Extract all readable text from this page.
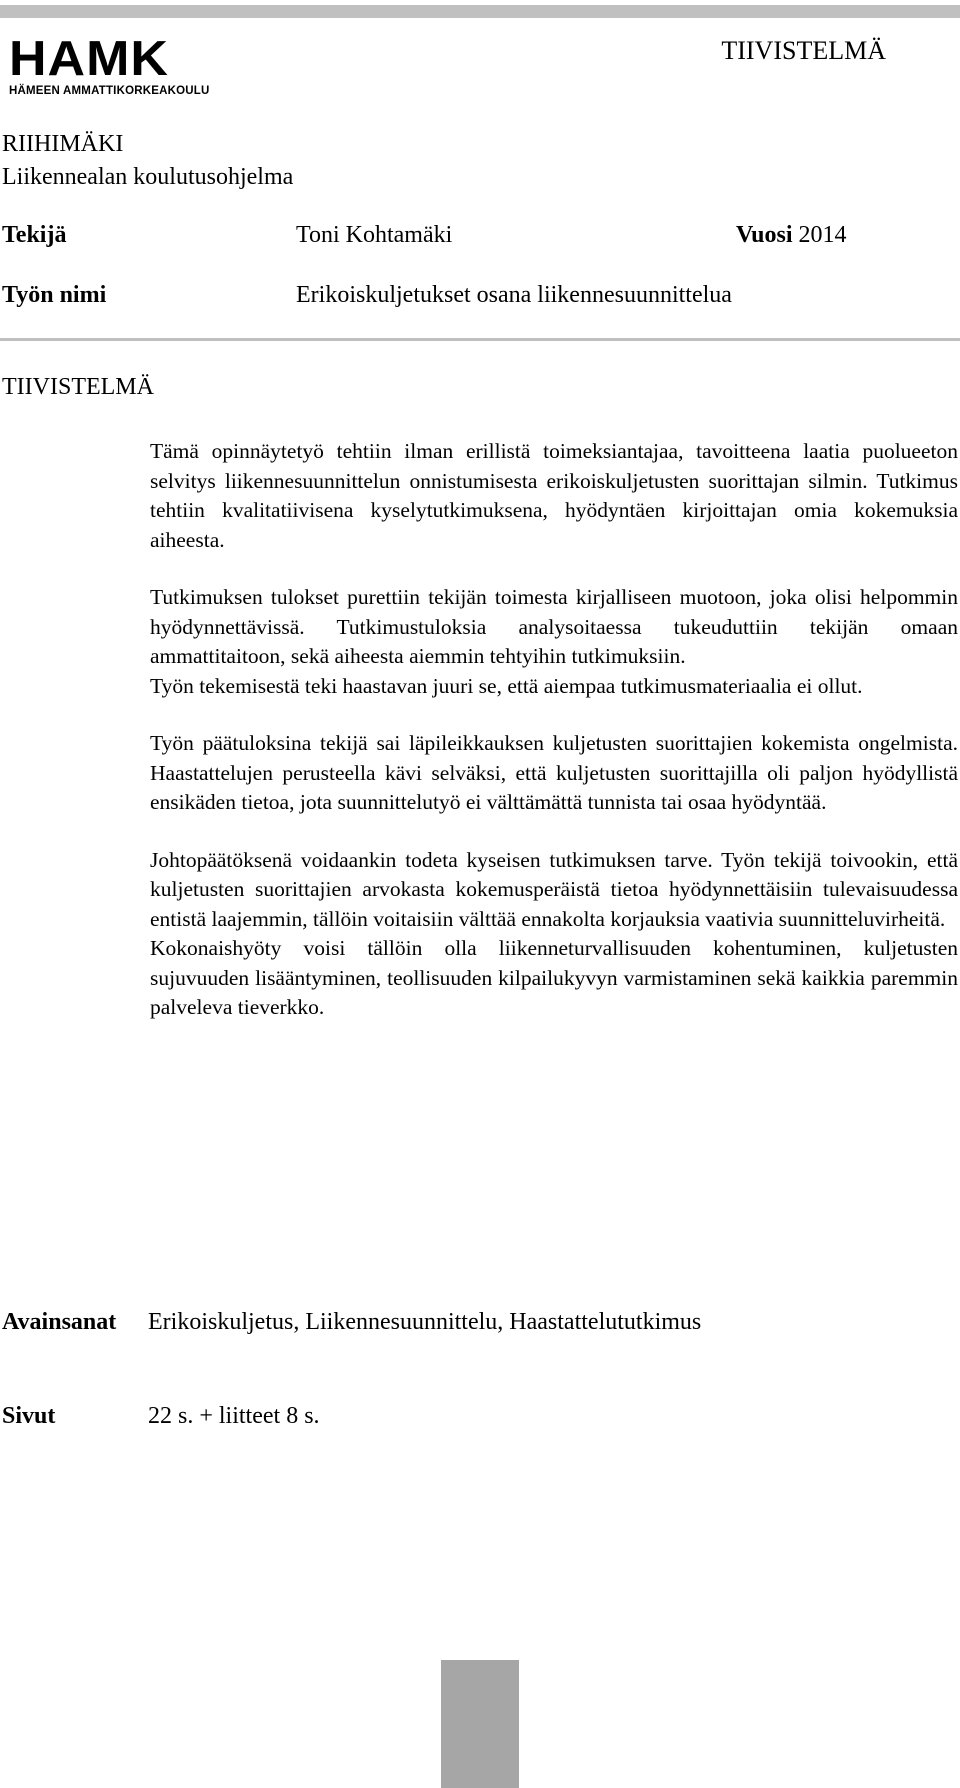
HAMK
HÄMEEN AMMATTIKORKEAKOULU
TIIVISTELMÄ
RIIHIMÄKI
Liikennealan koulutusohjelma
Tekijä	Toni Kohtamäki	Vuosi 2014
Työn nimi	Erikoiskuljetukset osana liikennesuunnittelua
TIIVISTELMÄ

Tämä opinnäytetyö tehtiin ilman erillistä toimeksiantajaa, tavoitteena laatia puolueeton selvitys liikennesuunnittelun onnistumisesta erikoiskuljetusten suorittajan silmin. Tutkimus tehtiin kvalitatiivisena kyselytutkimuksena, hyödyntäen kirjoittajan omia kokemuksia aiheesta.

Tutkimuksen tulokset purettiin tekijän toimesta kirjalliseen muotoon, joka olisi helpommin hyödynnettävissä. Tutkimustuloksia analysoitaessa tukeuduttiin tekijän omaan ammattitaitoon, sekä aiheesta aiemmin tehtyihin tutkimuksiin.

Työn tekemisestä teki haastavan juuri se, että aiempaa tutkimusmateriaalia ei ollut.

Työn päätuloksina tekijä sai läpileikkauksen kuljetusten suorittajien kokemista ongelmista. Haastattelujen perusteella kävi selväksi, että kuljetusten suorittajilla oli paljon hyödyllistä ensikäden tietoa, jota suunnittelutyö ei välttämättä tunnista tai osaa hyödyntää.

Johtopäätöksenä voidaankin todeta kyseisen tutkimuksen tarve. Työn tekijä toivookin, että kuljetusten suorittajien arvokasta kokemusperäistä tietoa hyödynnettäisiin tulevaisuudessa entistä laajemmin, tällöin voitaisiin välttää ennakolta korjauksia vaativia suunnitteluvirheitä.

Kokonaishyöty voisi tällöin olla liikenneturvallisuuden kohentuminen, kuljetusten sujuvuuden lisääntyminen, teollisuuden kilpailukyvyn varmistaminen sekä kaikkia paremmin palveleva tieverkko.

Avainsanat Erikoiskuljetus, Liikennesuunnittelu, Haastattelututkimus
Sivut	22 s. + liitteet 8 s.
